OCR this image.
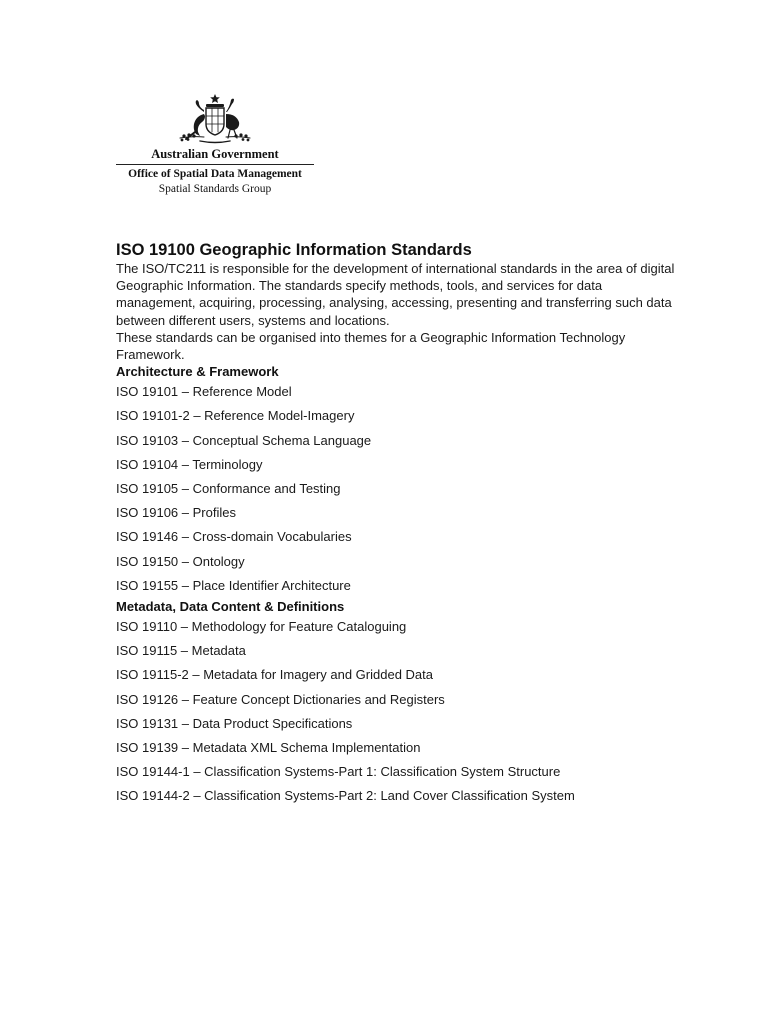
Australian Government
Office of Spatial Data Management
Spatial Standards Group
ISO 19100 Geographic Information Standards

The ISO/TC211 is responsible for the development of international standards in the area of digital Geographic Information. The standards specify methods, tools, and services for data management, acquiring, processing, analysing, accessing, presenting and transferring such data between different users, systems and locations.

These standards can be organised into themes for a Geographic Information Technology Framework.

Architecture & Framework
ISO 19101 – Reference Model
ISO 19101-2 – Reference Model-Imagery
ISO 19103 – Conceptual Schema Language
ISO 19104 – Terminology
ISO 19105 – Conformance and Testing
ISO 19106 – Profiles
ISO 19146 – Cross-domain Vocabularies
ISO 19150 – Ontology
ISO 19155 – Place Identifier Architecture
Metadata, Data Content & Definitions
ISO 19110 – Methodology for Feature Cataloguing
ISO 19115 – Metadata
ISO 19115-2 – Metadata for Imagery and Gridded Data
ISO 19126 – Feature Concept Dictionaries and Registers
ISO 19131 – Data Product Specifications
ISO 19139 – Metadata XML Schema Implementation
ISO 19144-1 – Classification Systems-Part 1: Classification System Structure
ISO 19144-2 – Classification Systems-Part 2: Land Cover Classification System
